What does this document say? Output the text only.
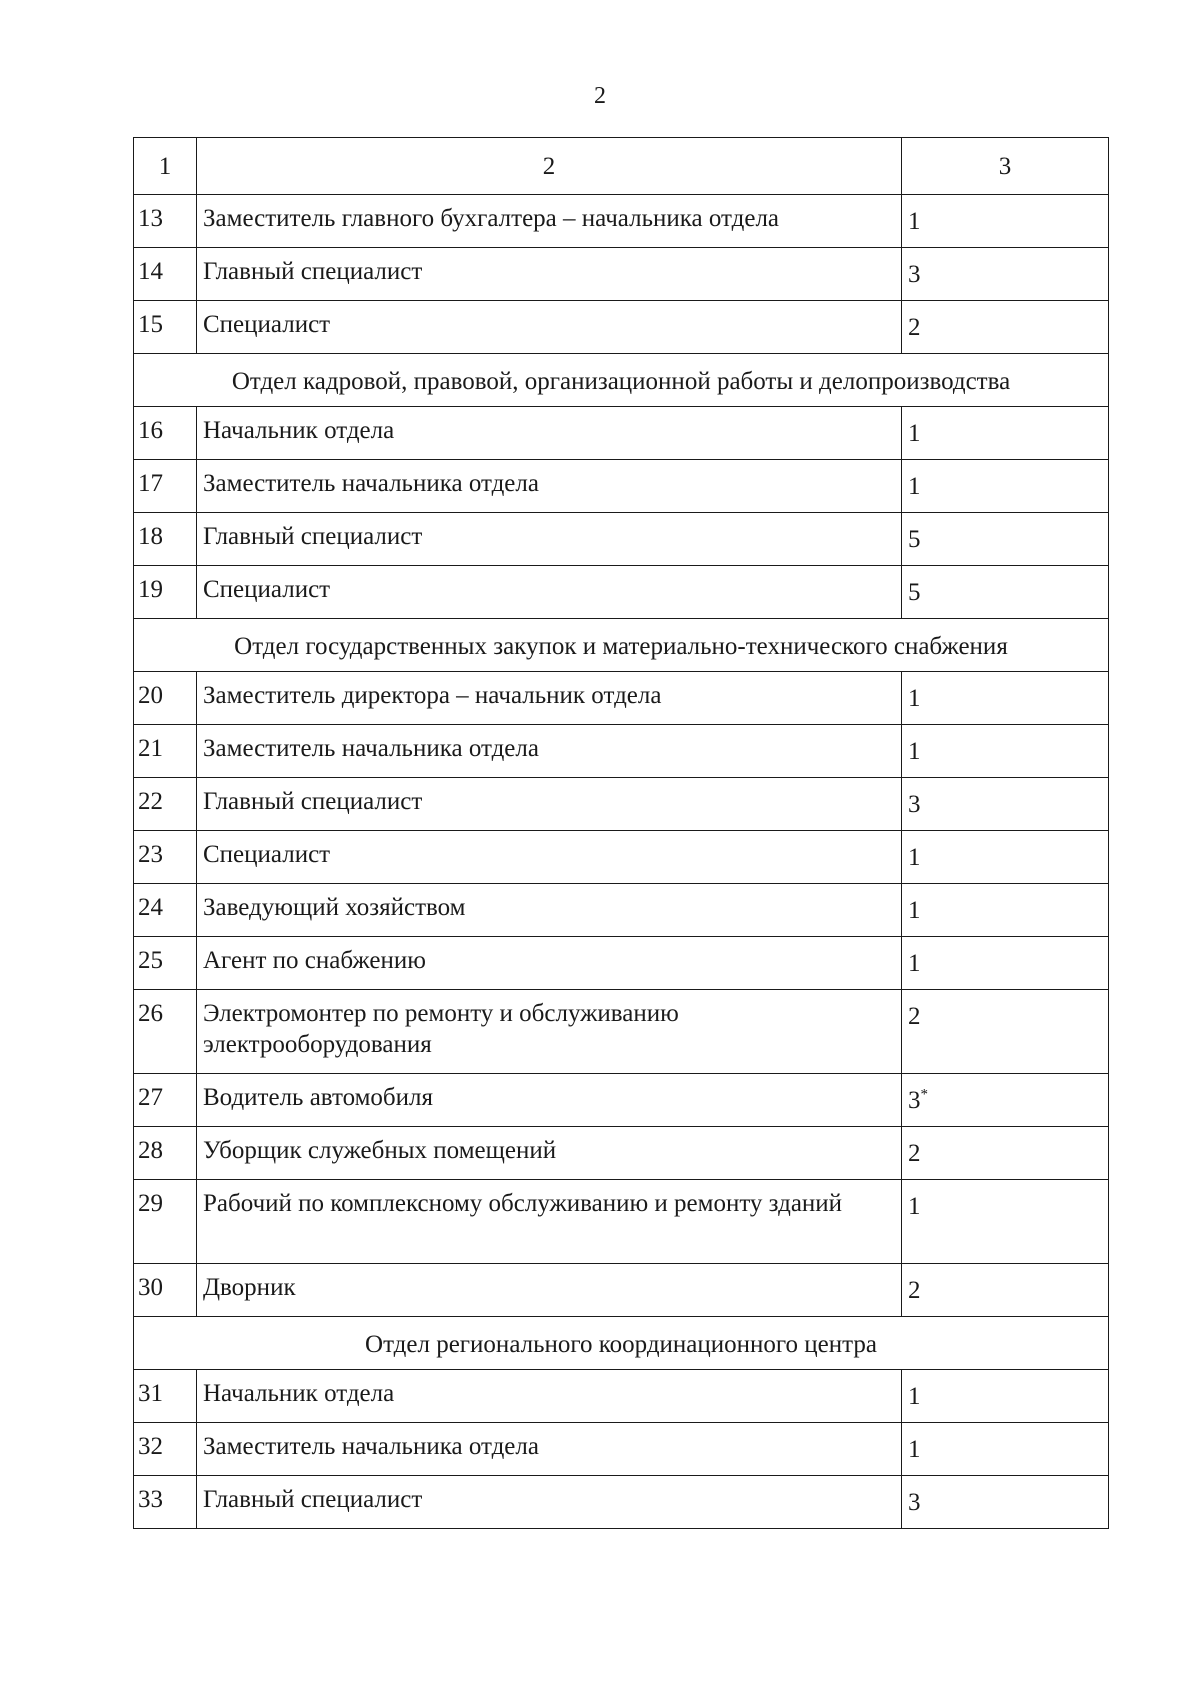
2
1	2	3
13	Заместитель главного бухгалтера – начальника отдела	1
14	Главный специалист	3
15	Специалист	2
Отдел кадровой, правовой, организационной работы и делопроизводства		
16	Начальник отдела	1
17	Заместитель начальника отдела	1
18	Главный специалист	5
19	Специалист	5
Отдел государственных закупок и материально-технического снабжения		
20	Заместитель директора – начальник отдела	1
21	Заместитель начальника отдела	1
22	Главный специалист	3
23	Специалист	1
24	Заведующий хозяйством	1
25	Агент по снабжению	1
26	Электромонтер по ремонту и обслуживанию электрооборудования	2
27	Водитель автомобиля	3*
28	Уборщик служебных помещений	2
29	Рабочий по комплексному обслуживанию и ремонту зданий	1
30	Дворник	2
Отдел регионального координационного центра		
31	Начальник отдела	1
32	Заместитель начальника отдела	1
33	Главный специалист	3
